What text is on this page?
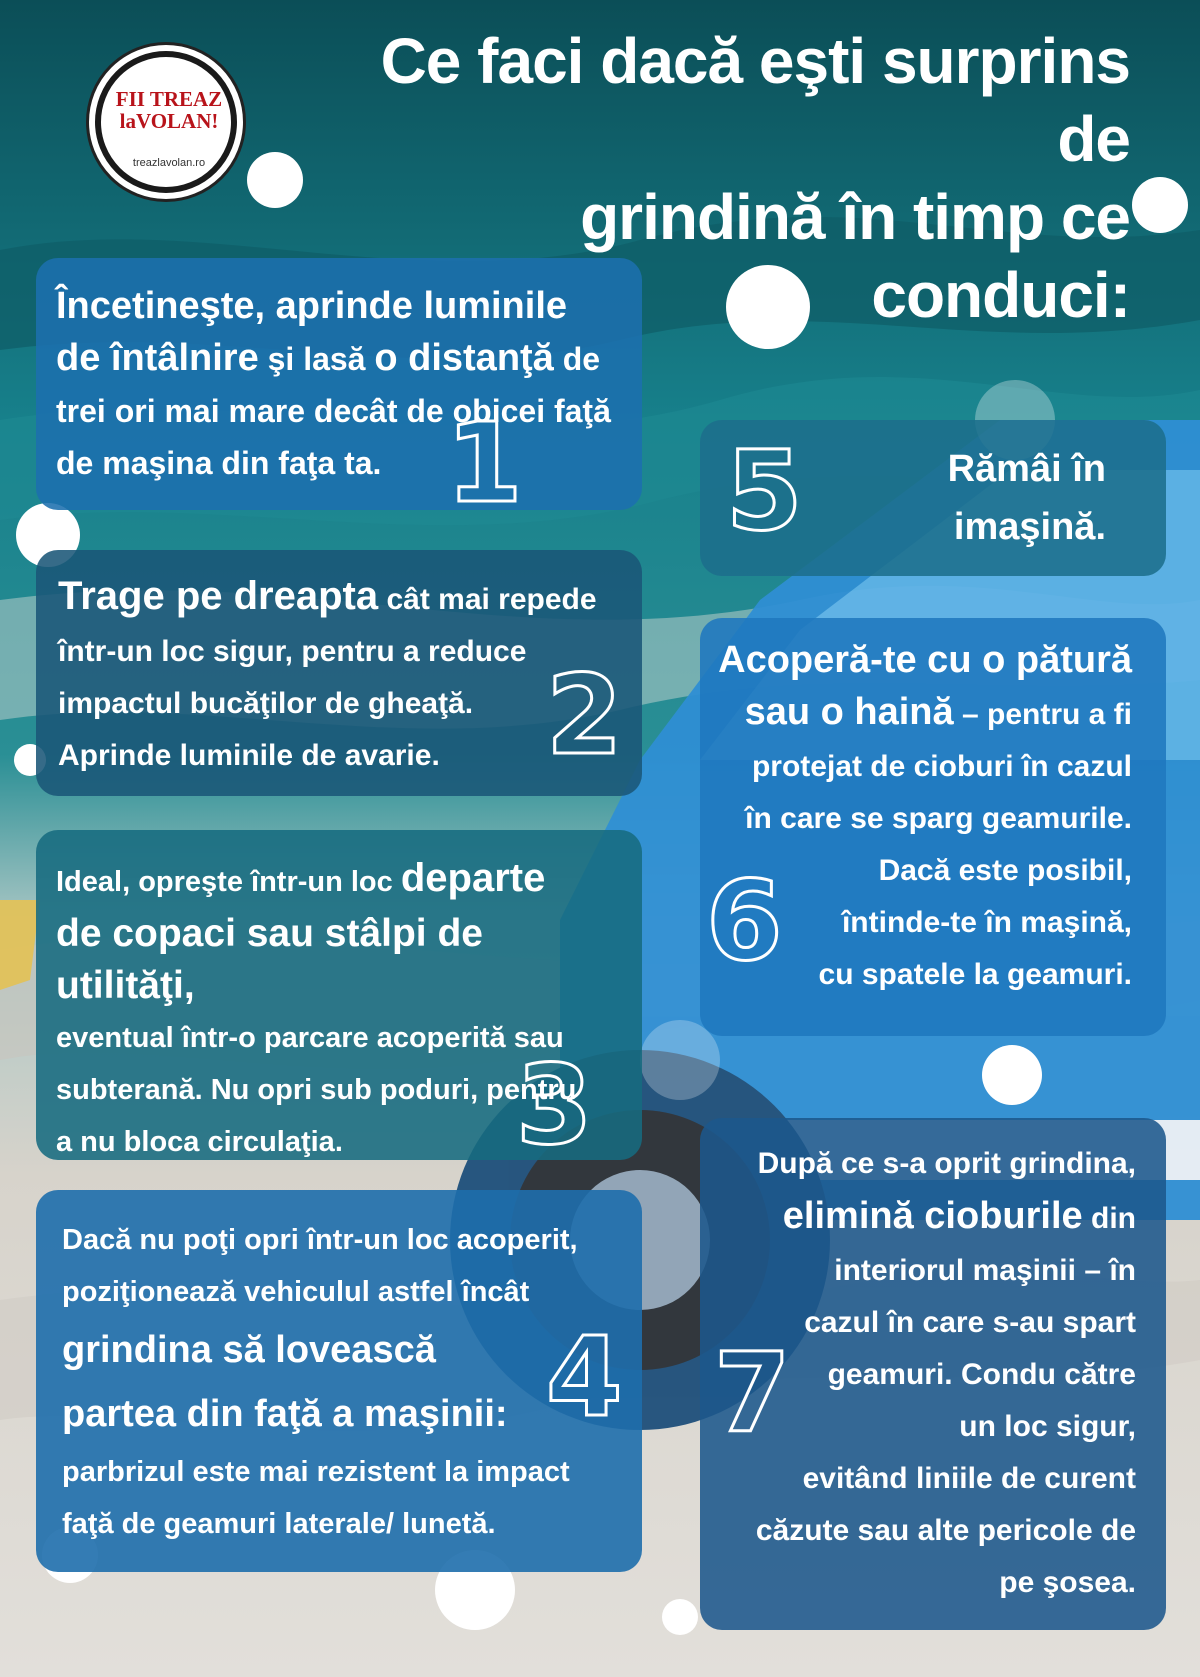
FII TREAZ
laVOLAN!
treazlavolan.ro
Ce faci dacă eşti surprins de
grindină în timp ce conduci:

Încetineşte, aprinde luminile

de întâlnire şi lasă o distanţă de

trei ori mai mare decât de obicei faţă

de maşina din faţa ta. 1

Trage pe dreapta cât mai repede

într-un loc sigur, pentru a reduce

impactul bucăţilor de gheaţă.

Aprinde luminile de avarie. 2

Ideal, opreşte într-un loc departe

de copaci sau stâlpi de utilităţi,

eventual într-o parcare acoperită sau

subterană. Nu opri sub poduri, pentru

a nu bloca circulaţia.	3

Dacă nu poţi opri într-un loc acoperit,

poziţionează vehiculul astfel încât

grindina să lovească

partea din faţă a maşinii:

parbrizul este mai rezistent la impact

faţă de geamuri laterale/ lunetă.

4

Rămâi în

imaşină.

5

Acoperă-te cu o pătură

sau o haină – pentru a fi

protejat de cioburi în cazul

în care se sparg geamurile.

Dacă este posibil,

întinde-te în maşină,

cu spatele la geamuri.

6

După ce s-a oprit grindina,

elimină cioburile din

interiorul maşinii – în

cazul în care s-au spart

geamuri. Condu către

un loc sigur,

evitând liniile de curent

căzute sau alte pericole de

pe şosea.

7
